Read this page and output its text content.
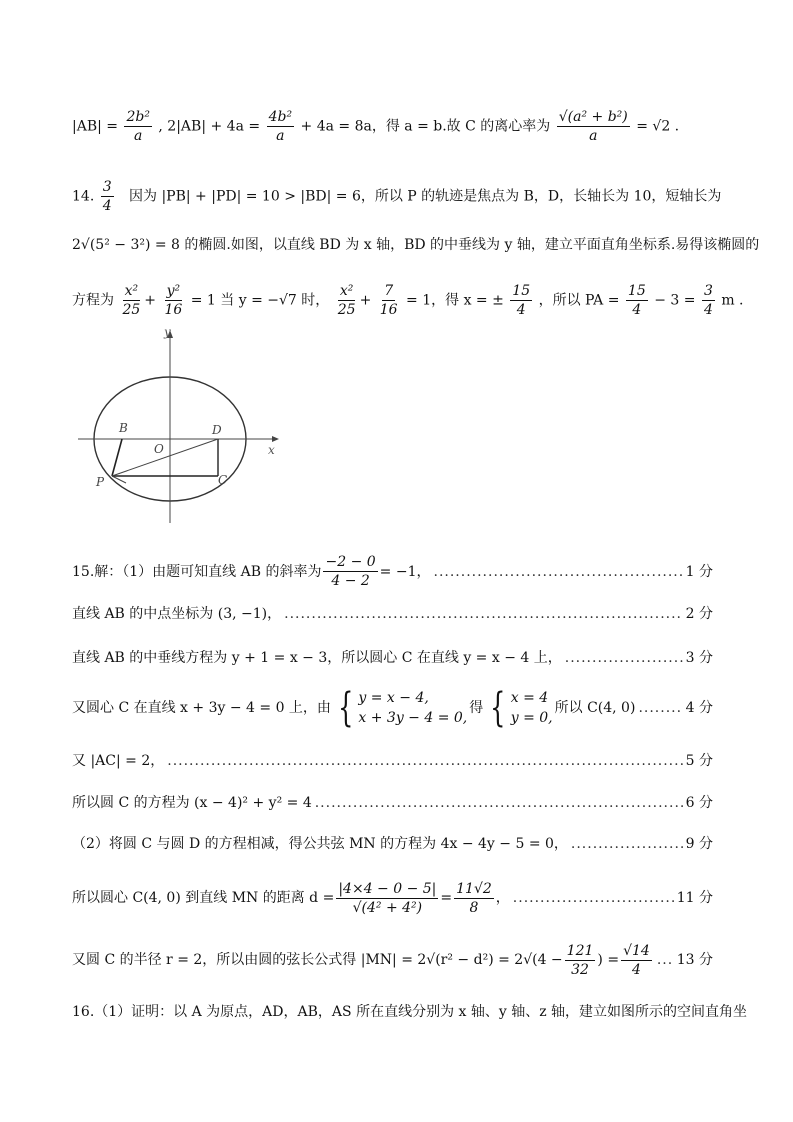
$|AB| = \frac{\text{2b²}}{a}$ , $2|AB| + 4a = \frac{\text{4b²}}{a} + 4a = 8a$，得 a = b.故 C 的离心率为 $\frac{\text{√(a² + b²)}}{a} = √2$ .
14. $\frac{3}{4}$ 因为 |PB| + |PD| = 10 > |BD| = 6，所以 P 的轨迹是焦点为 B，D，长轴长为 10，短轴长为
2√(5² − 3²) = 8 的椭圆.如图，以直线 BD 为 x 轴，BD 的中垂线为 y 轴，建立平面直角坐标系.易得该椭圆的
方程为 $\frac{\text{x²}}{25} + \frac{\text{y²}}{16} = 1$ 当 y = −√7 时， $\frac{\text{x²}}{25} + \frac{7}{16} = 1$，得 x = ± $\frac{15}{4}$ ，所以 PA = $\frac{15}{4} - 3 = \frac{3}{4}$ m .
y
x
B	D
O
P	C
15.解：（1）由题可知直线 AB 的斜率为 $\frac{-2 - 0}{4 - 2} = -1$， .....	1 分
直线 AB 的中点坐标为 (3, −1)， .....	2 分
直线 AB 的中垂线方程为 y + 1 = x − 3，所以圆心 C 在直线 y = x − 4 上， .....	3 分
又圆心 C 在直线 x + 3y − 4 = 0 上，由 { y = x − 4,
x + 3y − 4 = 0,
得 { x = 4
y = 0,
所以 C(4, 0) .....	4 分
又 |AC| = 2， .....	5 分
所以圆 C 的方程为 (x − 4)² + y² = 4 .....	6 分
（2）将圆 C 与圆 D 的方程相减，得公共弦 MN 的方程为 4x − 4y − 5 = 0， .....	9 分
所以圆心 C(4, 0) 到直线 MN 的距离 $d = \frac{|4\times 4 - 0 - 5|}{\text{√(4² + 4²)}} = \frac{11√2}{8}$ ， .....	11 分
又圆 C 的半径 r = 2，所以由圆的弦长公式得 $|MN| = 2√(r^2 - d^2) = 2√(4 - \frac{121}{32}$ ) = $\frac{√14}{4}$ ..... 13 分
16.（1）证明：以 A 为原点，AD，AB，AS 所在直线分别为 x 轴、y 轴、z 轴，建立如图所示的空间直角坐
